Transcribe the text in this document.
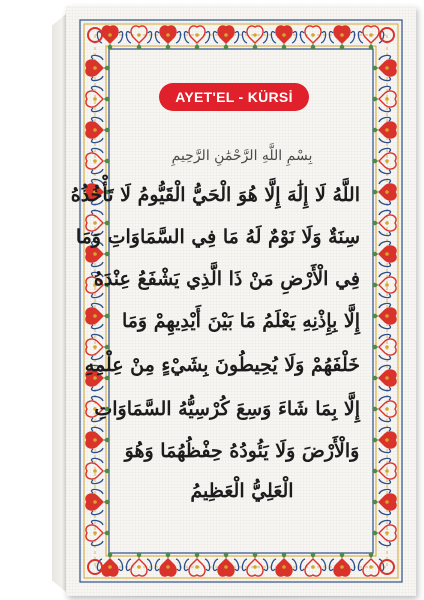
AYET'EL - KÜRSİ
بِسْمِ اللَّهِ الرَّحْمَٰنِ الرَّحِيمِ
اللَّهُ لَا إِلَٰهَ إِلَّا هُوَ الْحَيُّ الْقَيُّومُ لَا تَأْخُذُهُ
سِنَةٌ وَلَا نَوْمٌ لَهُ مَا فِي السَّمَاوَاتِ وَمَا
فِي الْأَرْضِ مَنْ ذَا الَّذِي يَشْفَعُ عِنْدَهُ
إِلَّا بِإِذْنِهِ يَعْلَمُ مَا بَيْنَ أَيْدِيهِمْ وَمَا
خَلْفَهُمْ وَلَا يُحِيطُونَ بِشَيْءٍ مِنْ عِلْمِهِ
إِلَّا بِمَا شَاءَ وَسِعَ كُرْسِيُّهُ السَّمَاوَاتِ
وَالْأَرْضَ وَلَا يَئُودُهُ حِفْظُهُمَا وَهُوَ
الْعَلِيُّ الْعَظِيمُ
